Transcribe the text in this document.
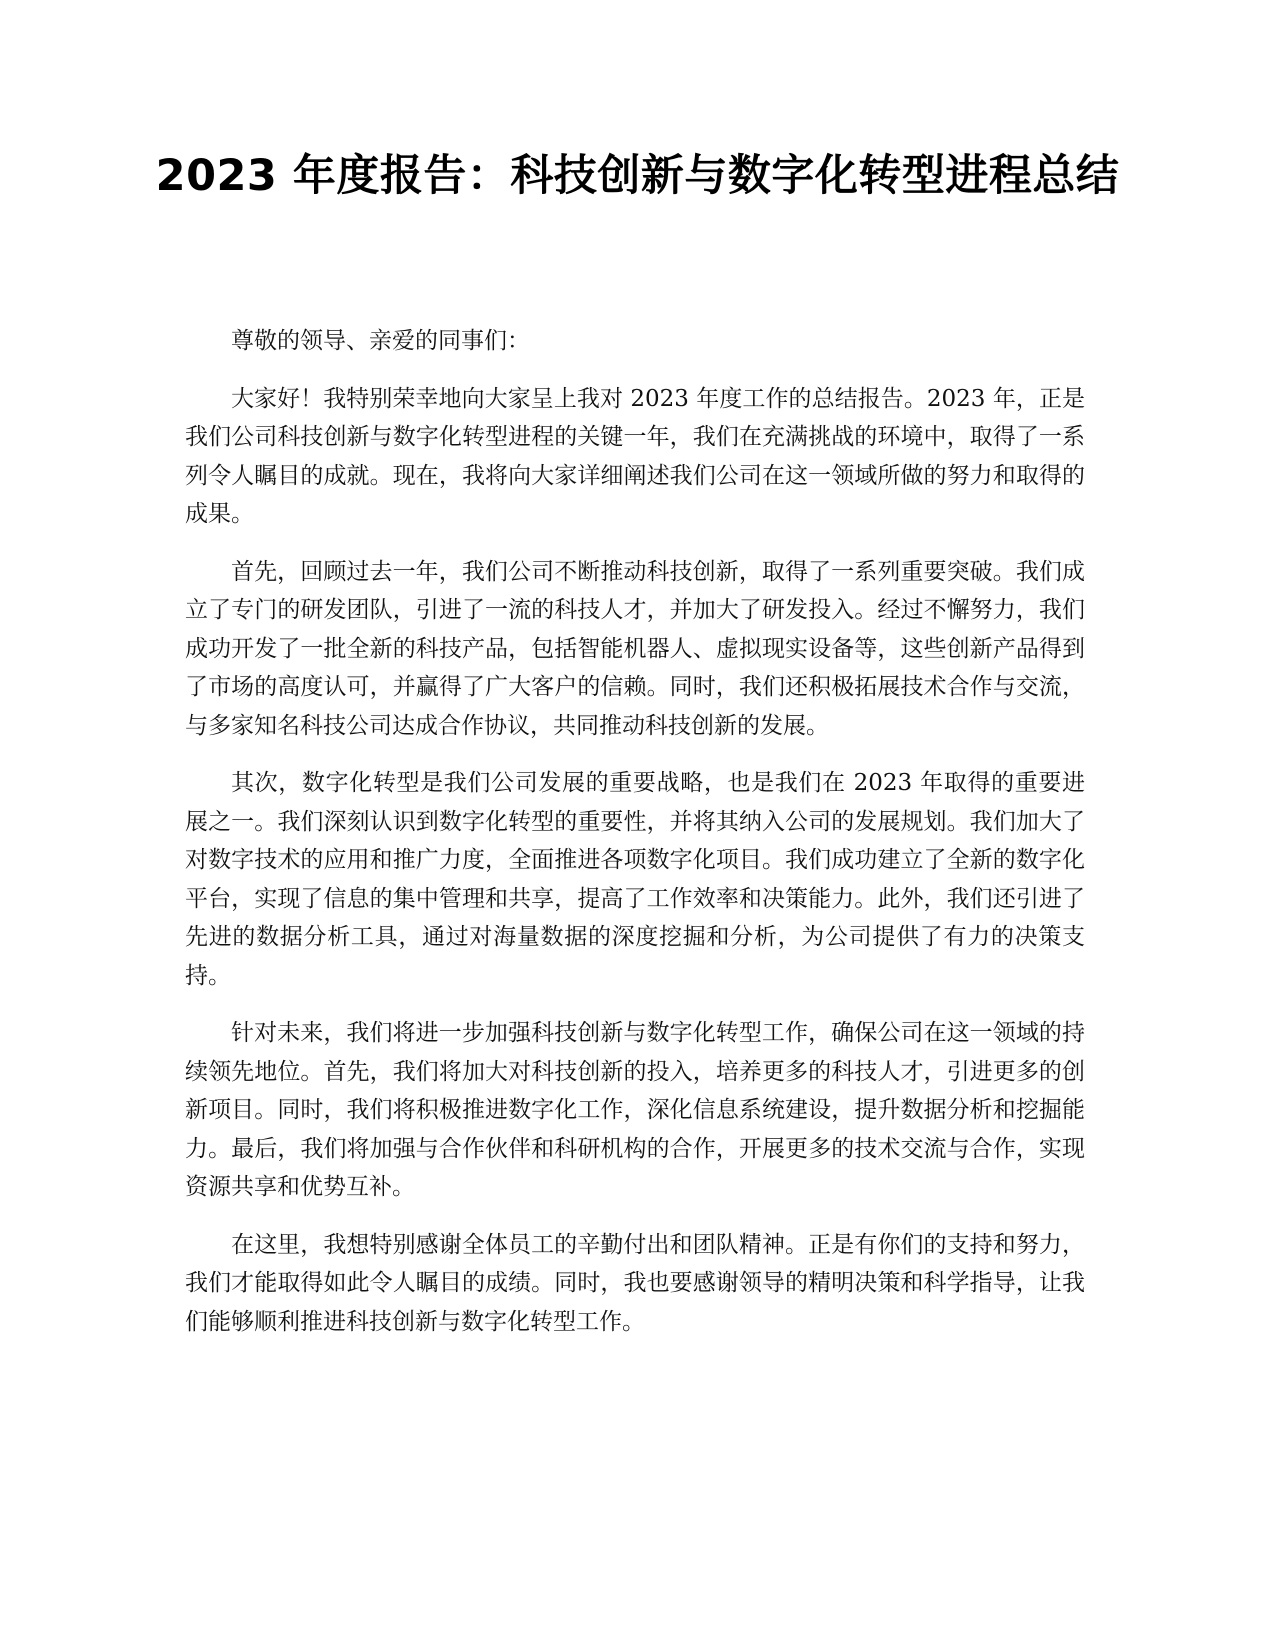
2023 年度报告：科技创新与数字化转型进程总结

尊敬的领导、亲爱的同事们：

大家好！我特别荣幸地向大家呈上我对 2023 年度工作的总结报告。2023 年，正是我们公司科技创新与数字化转型进程的关键一年，我们在充满挑战的环境中，取得了一系列令人瞩目的成就。现在，我将向大家详细阐述我们公司在这一领域所做的努力和取得的成果。

首先，回顾过去一年，我们公司不断推动科技创新，取得了一系列重要突破。我们成立了专门的研发团队，引进了一流的科技人才，并加大了研发投入。经过不懈努力，我们成功开发了一批全新的科技产品，包括智能机器人、虚拟现实设备等，这些创新产品得到了市场的高度认可，并赢得了广大客户的信赖。同时，我们还积极拓展技术合作与交流，与多家知名科技公司达成合作协议，共同推动科技创新的发展。

其次，数字化转型是我们公司发展的重要战略，也是我们在 2023 年取得的重要进展之一。我们深刻认识到数字化转型的重要性，并将其纳入公司的发展规划。我们加大了对数字技术的应用和推广力度，全面推进各项数字化项目。我们成功建立了全新的数字化平台，实现了信息的集中管理和共享，提高了工作效率和决策能力。此外，我们还引进了先进的数据分析工具，通过对海量数据的深度挖掘和分析，为公司提供了有力的决策支持。

针对未来，我们将进一步加强科技创新与数字化转型工作，确保公司在这一领域的持续领先地位。首先，我们将加大对科技创新的投入，培养更多的科技人才，引进更多的创新项目。同时，我们将积极推进数字化工作，深化信息系统建设，提升数据分析和挖掘能力。最后，我们将加强与合作伙伴和科研机构的合作，开展更多的技术交流与合作，实现资源共享和优势互补。

在这里，我想特别感谢全体员工的辛勤付出和团队精神。正是有你们的支持和努力，我们才能取得如此令人瞩目的成绩。同时，我也要感谢领导的精明决策和科学指导，让我们能够顺利推进科技创新与数字化转型工作。
